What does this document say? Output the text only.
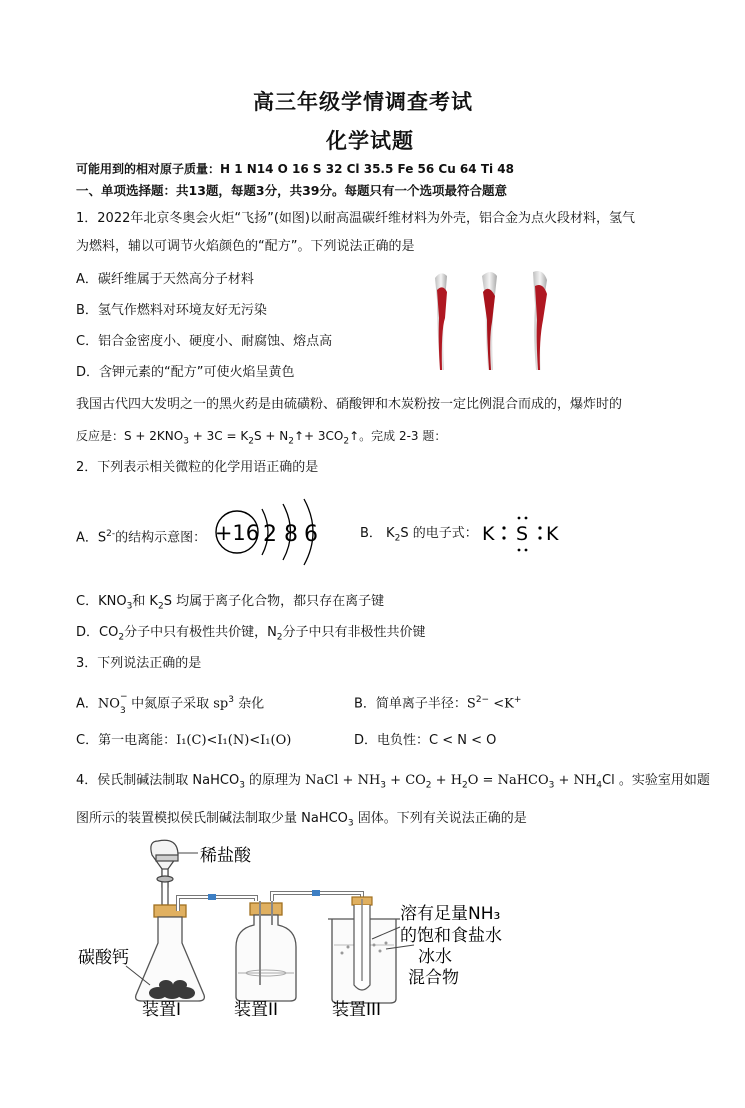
高三年级学情调查考试
化学试题
可能用到的相对原子质量：H 1 N14 O 16 S 32 Cl 35.5 Fe 56 Cu 64 Ti 48
一、单项选择题：共13题，每题3分，共39分。每题只有一个选项最符合题意
1．2022年北京冬奥会火炬“飞扬”(如图)以耐高温碳纤维材料为外壳，铝合金为点火段材料，氢气
为燃料，辅以可调节火焰颜色的“配方”。下列说法正确的是
A．碳纤维属于天然高分子材料
B．氢气作燃料对环境友好无污染
C．铝合金密度小、硬度小、耐腐蚀、熔点高
D．含钾元素的“配方”可使火焰呈黄色
我国古代四大发明之一的黑火药是由硫磺粉、硝酸钾和木炭粉按一定比例混合而成的，爆炸时的
反应是：$S + 2KNO_3 + 3C = K_2S$ + $N_2↑+$ $3CO_2↑$。完成 2-3 题：
2．下列表示相关微粒的化学用语正确的是
A．$S^{2-}$的结构示意图： +16 2 8 6	B． $K_2S$ 的电子式： K S K
C．$KNO_3$和 $K_2S$ 均属于离子化合物，都只存在离子键
D．$CO_2$分子中只有极性共价键，$N_2$分子中只有非极性共价键
3．下列说法正确的是
A．NO −
3 中氮原子采取 $sp^3$ 杂化	B．简单离子半径：$S^{2-} <K^+$
C．第一电离能：I₁(C)<I₁(N)<I₁(O)	D．电负性：C < N < O
4．侯氏制碱法制取 NaHCO$_3$ 的原理为 NaCl + $NH_3 + CO_2 + H_2O$ = NaHCO$_3$ + $NH_4Cl$ 。实验室用如题
图所示的装置模拟侯氏制碱法制取少量 NaHCO$_3$ 固体。下列有关说法正确的是
稀盐酸
碳酸钙
溶有足量NH₃
的饱和食盐水
冰水
混合物
装置I	装置II	装置III
